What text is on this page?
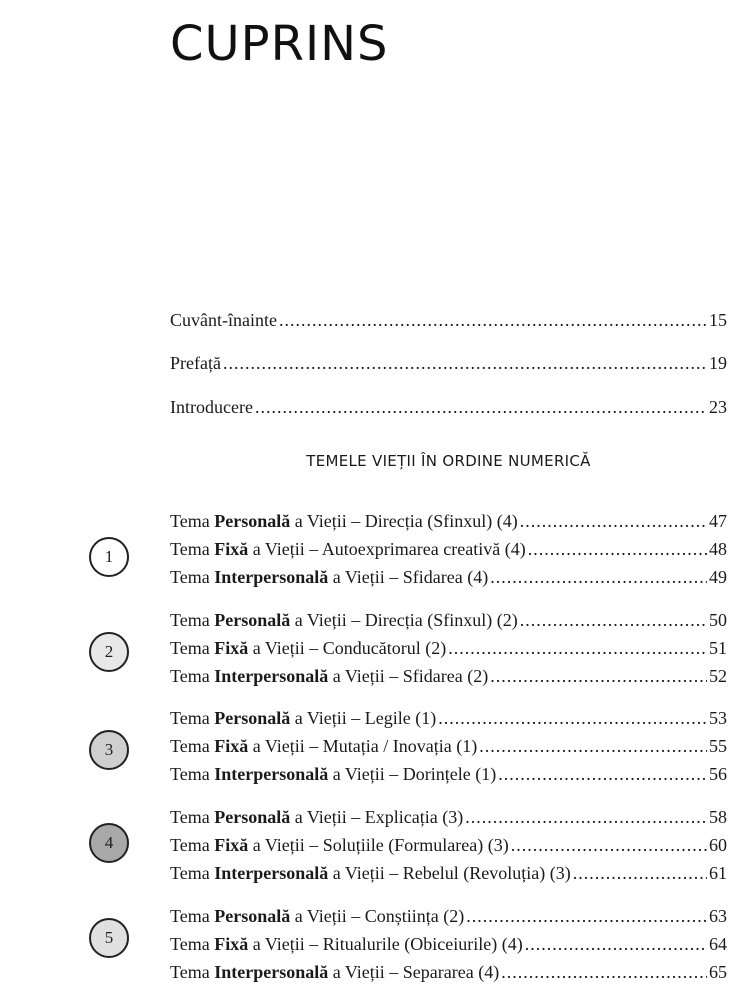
CUPRINS
Cuvânt-înainte .....	15
Prefață .....	19
Introducere .....	23
TEMELE VIEȚII ÎN ORDINE NUMERICĂ
1
Tema Personală a Vieții – Direcția (Sfinxul) (4) .....	47
Tema Fixă a Vieții – Autoexprimarea creativă (4) .....	48
Tema Interpersonală a Vieții – Sfidarea (4) .....	49
2
Tema Personală a Vieții – Direcția (Sfinxul) (2) .....	50
Tema Fixă a Vieții – Conducătorul (2) .....	51
Tema Interpersonală a Vieții – Sfidarea (2) .....	52
3
Tema Personală a Vieții – Legile (1) .....	53
Tema Fixă a Vieții – Mutația / Inovația (1) .....	55
Tema Interpersonală a Vieții – Dorințele (1) .....	56
4
Tema Personală a Vieții – Explicația (3) .....	58
Tema Fixă a Vieții – Soluțiile (Formularea) (3) .....	60
Tema Interpersonală a Vieții – Rebelul (Revoluția) (3) .....	61
5
Tema Personală a Vieții – Conștiința (2) .....	63
Tema Fixă a Vieții – Ritualurile (Obiceiurile) (4) .....	64
Tema Interpersonală a Vieții – Separarea (4) .....	65
